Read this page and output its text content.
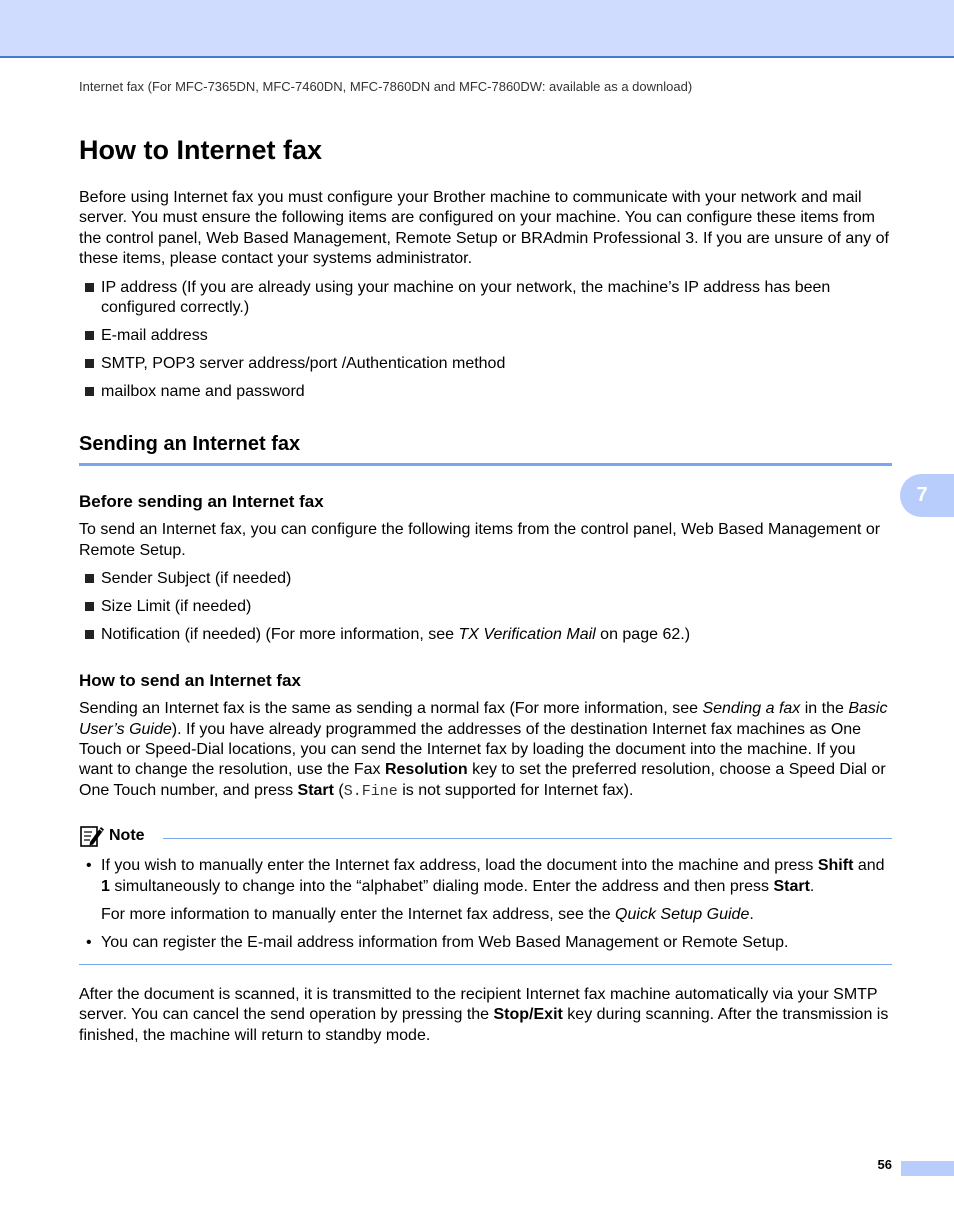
Internet fax (For MFC-7365DN, MFC-7460DN, MFC-7860DN and MFC-7860DW: available as a download)
7
How to Internet fax

Before using Internet fax you must configure your Brother machine to communicate with your network and mail server. You must ensure the following items are configured on your machine. You can configure these items from the control panel, Web Based Management, Remote Setup or BRAdmin Professional 3. If you are unsure of any of these items, please contact your systems administrator.

IP address (If you are already using your machine on your network, the machine’s IP address has been configured correctly.)
E-mail address
SMTP, POP3 server address/port /Authentication method
mailbox name and password
Sending an Internet fax
Before sending an Internet fax

To send an Internet fax, you can configure the following items from the control panel, Web Based Management or Remote Setup.

Sender Subject (if needed)
Size Limit (if needed)
Notification (if needed) (For more information, see TX Verification Mail on page 62.)
How to send an Internet fax

Sending an Internet fax is the same as sending a normal fax (For more information, see Sending a fax in the Basic User’s Guide). If you have already programmed the addresses of the destination Internet fax machines as One Touch or Speed-Dial locations, you can send the Internet fax by loading the document into the machine. If you want to change the resolution, use the Fax Resolution key to set the preferred resolution, choose a Speed Dial or One Touch number, and press Start (S.Fine is not supported for Internet fax).

Note
• If you wish to manually enter the Internet fax address, load the document into the machine and press Shift and 1 simultaneously to change into the “alphabet” dialing mode. Enter the address and then press Start.

For more information to manually enter the Internet fax address, see the Quick Setup Guide.

• You can register the E-mail address information from Web Based Management or Remote Setup.

After the document is scanned, it is transmitted to the recipient Internet fax machine automatically via your SMTP server. You can cancel the send operation by pressing the Stop/Exit key during scanning. After the transmission is finished, the machine will return to standby mode.

56
